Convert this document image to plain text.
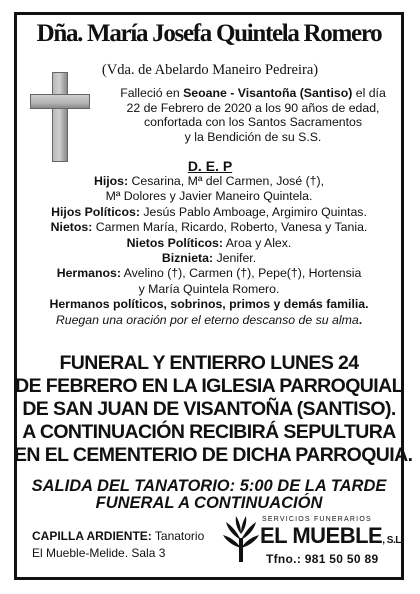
Dña. María Josefa Quintela Romero
(Vda. de Abelardo Maneiro Pedreira)

Falleció en Seoane - Visantoña (Santiso) el día

22 de Febrero de 2020 a los 90 años de edad,

confortada con los Santos Sacramentos

y la Bendición de su S.S.

D. E. P

Hijos: Cesarina, Mª del Carmen, José (†),

Mª Dolores y Javier Maneiro Quintela.

Hijos Políticos: Jesús Pablo Amboage, Argimiro Quintas.

Nietos: Carmen María, Ricardo, Roberto, Vanesa y Tania.

Nietos Políticos: Aroa y Alex.

Biznieta: Jenifer.

Hermanos: Avelino (†), Carmen (†), Pepe(†), Hortensia

y María Quintela Romero.

Hermanos políticos, sobrinos, primos y demás familia.

Ruegan una oración por el eterno descanso de su alma.

FUNERAL Y ENTIERRO LUNES 24

DE FEBRERO EN LA IGLESIA PARROQUIAL

DE SAN JUAN DE VISANTOÑA (SANTISO).

A CONTINUACIÓN RECIBIRÁ SEPULTURA

EN EL CEMENTERIO DE DICHA PARROQUIA.

SALIDA DEL TANATORIO: 5:00 DE LA TARDE

FUNERAL A CONTINUACIÓN

CAPILLA ARDIENTE: Tanatorio

El Mueble-Melide. Sala 3

SERVICIOS FUNERARIOS
EL MUEBLE, S.L.
Tfno.: 981 50 50 89
